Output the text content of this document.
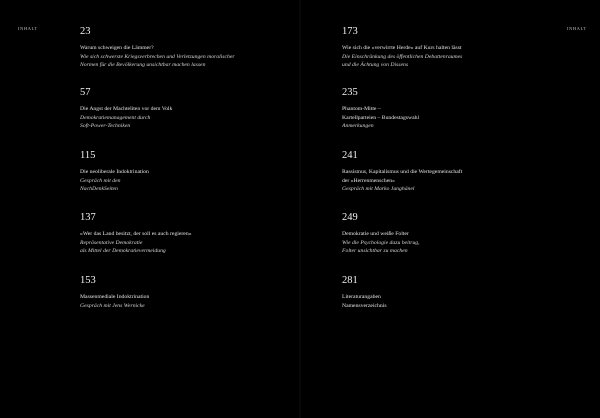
INHALT	INHALT
23
Warum schweigen die Lämmer?
Wie sich schwerste Kriegsverbrechen und Verletzungen moralischer
Normen für die Bevölkerung unsichtbar machen lassen
57
Die Angst der Machteliten vor dem Volk
Demokratiemanagement durch
Soft-Power-Techniken
115
Die neoliberale Indoktrination
Gespräch mit den
NachDenkSeiten
137
»Wer das Land besitzt, der soll es auch regieren«
Repräsentative Demokratie
als Mittel der Demokratievermeidung
153
Massenmediale Indoktrination
Gespräch mit Jens Wernicke
173
Wie sich die »verwirrte Herde« auf Kurs halten lässt
Die Einschränkung des öffentlichen Debattenraumes
und die Ächtung von Dissens
235
Phantom-Mitte –
Kartellparteien – Bundestagswahl
Anmerkungen
241
Rassismus, Kapitalismus und die Wertegemeinschaft
der »Herrenmenschen«
Gespräch mit Marko Junghänel
249
Demokratie und weiße Folter
Wie die Psychologie dazu beitrug,
Folter unsichtbar zu machen
281
Literaturangaben
Namensverzeichnis
